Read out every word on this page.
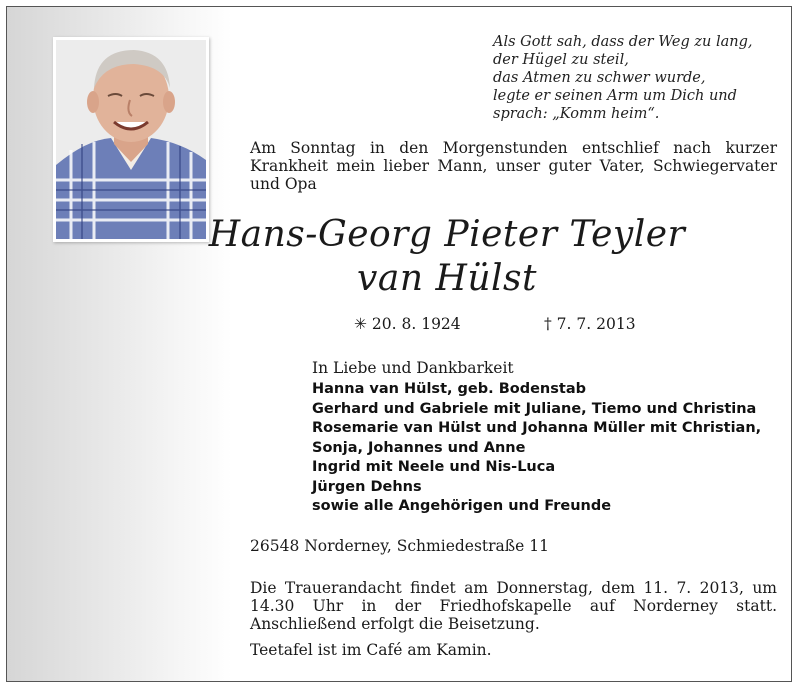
Als Gott sah, dass der Weg zu lang,
der Hügel zu steil,
das Atmen zu schwer wurde,
legte er seinen Arm um Dich und
sprach: „Komm heim“.
Am Sonntag in den Morgenstunden entschlief nach kurzer Krankheit mein lieber Mann, unser guter Vater, Schwiegervater und Opa
Hans-Georg Pieter Teyler
van Hülst
✳ 20. 8. 1924	† 7. 7. 2013
In Liebe und Dankbarkeit
Hanna van Hülst, geb. Bodenstab
Gerhard und Gabriele mit Juliane, Tiemo und Christina
Rosemarie van Hülst und Johanna Müller mit Christian,
Sonja, Johannes und Anne
Ingrid mit Neele und Nis-Luca
Jürgen Dehns
sowie alle Angehörigen und Freunde
26548 Norderney, Schmiedestraße 11
Die Trauerandacht findet am Donnerstag, dem 11. 7. 2013, um 14.30 Uhr in der Friedhofskapelle auf Norderney statt. Anschließend erfolgt die Beisetzung.
Teetafel ist im Café am Kamin.
